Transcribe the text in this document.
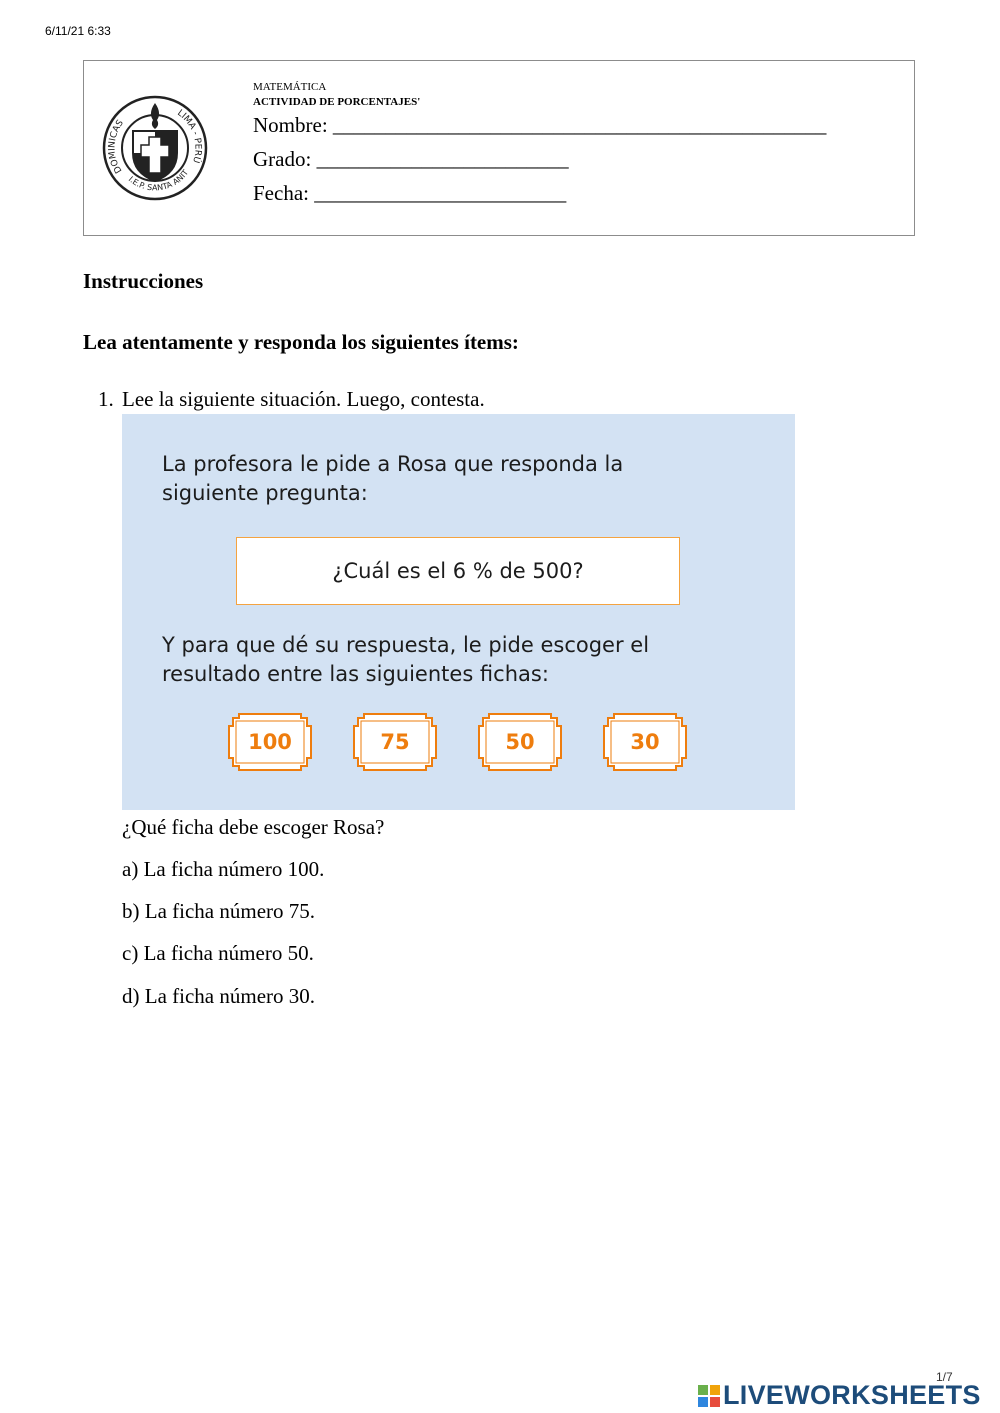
6/11/21 6:33
DOMINICAS
LIMA - PERÚ
I.E.P. SANTA ANIT
MATEMÁTICA
ACTIVIDAD DE PORCENTAJES'
Nombre: _______________________________________________
Grado: ________________________
Fecha: ________________________
Instrucciones
Lea atentamente y responda los siguientes ítems:
1. Lee la siguiente situación. Luego, contesta.
La profesora le pide a Rosa que responda la
siguiente pregunta:
¿Cuál es el 6 % de 500?
Y para que dé su respuesta, le pide escoger el
resultado entre las siguientes fichas:
100	75	50	30
¿Qué ficha debe escoger Rosa?
a) La ficha número 100.
b) La ficha número 75.
c) La ficha número 50.
d) La ficha número 30.
1/7
LIVEWORKSHEETS
